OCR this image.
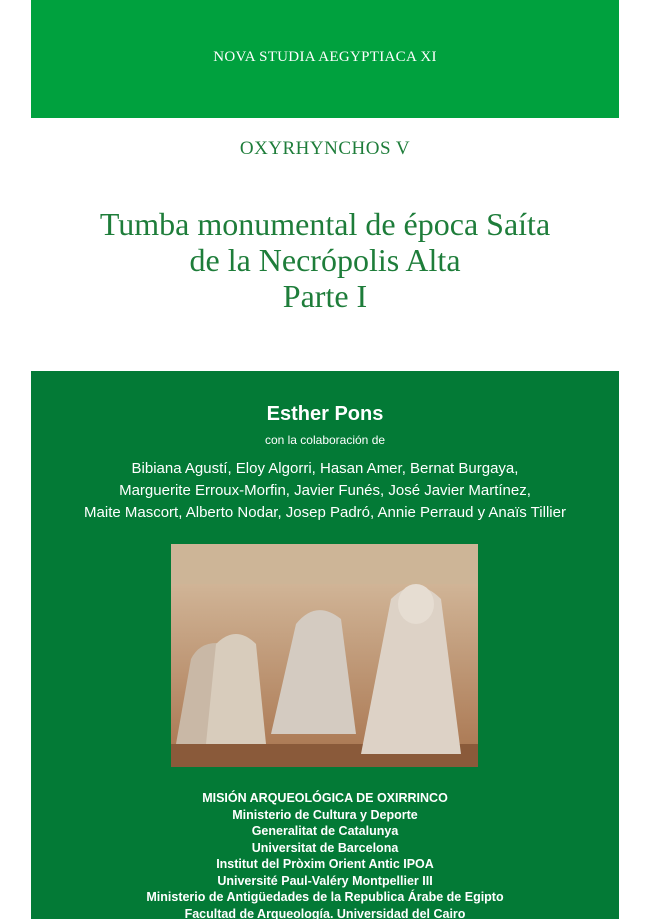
NOVA STUDIA AEGYPTIACA XI
OXYRHYNCHOS V
Tumba monumental de época Saíta
de la Necrópolis Alta
Parte I
Esther Pons
con la colaboración de
Bibiana Agustí, Eloy Algorri, Hasan Amer, Bernat Burgaya,
Marguerite Erroux-Morfin, Javier Funés, José Javier Martínez,
Maite Mascort, Alberto Nodar, Josep Padró, Annie Perraud y Anaïs Tillier
MISIÓN ARQUEOLÓGICA DE OXIRRINCO
Ministerio de Cultura y Deporte
Generalitat de Catalunya
Universitat de Barcelona
Institut del Pròxim Orient Antic IPOA
Université Paul-Valéry Montpellier III
Ministerio de Antigüedades de la Republica Árabe de Egipto
Facultad de Arqueología. Universidad del Cairo
